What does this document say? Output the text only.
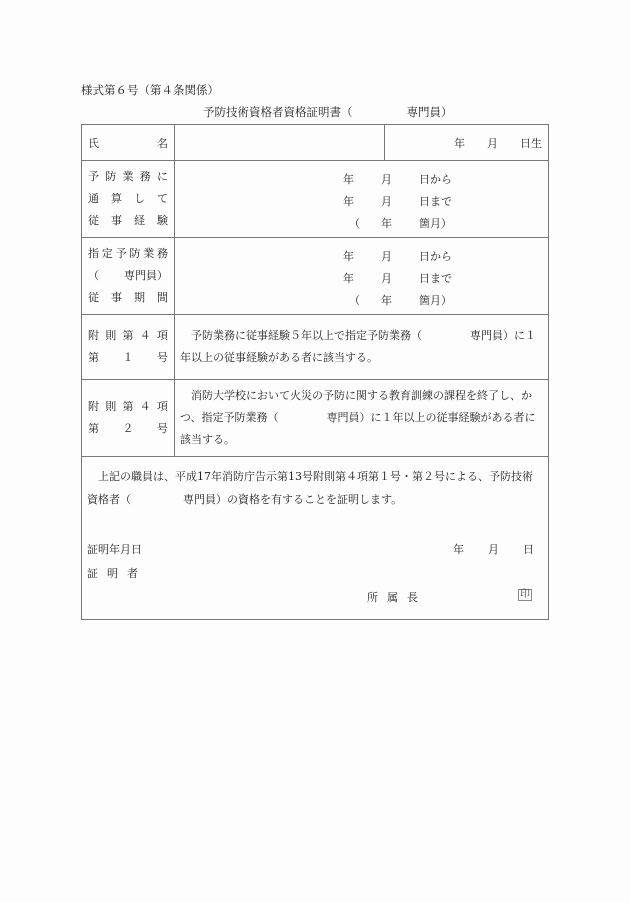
様式第６号（第４条関係）
予防技術資格者資格証明書（	専門員）
氏 名		年 月 日生

予 防 業 務 に
通 算 し て
従 事 経 験

年	月	日から
年	月	日まで
（	年	箇月）

指 定 予 防 業 務
（ 専門員）
従 事 期 間

年	月	日から
年	月	日まで
（	年	箇月）

附 則 第 ４ 項
第 １ 号
	予防業務に従事経験５年以上で指定予防業務（	専門員）に１年以上の従事経験がある者に該当する。

附 則 第 ４ 項
第 ２ 号
	消防大学校において火災の予防に関する教育訓練の課程を終了し、かつ、指定予防業務（	専門員）に１年以上の従事経験がある者に該当する。

上記の職員は、平成17年消防庁告示第13号附則第４項第１号・第２号による、予防技術資格者（	専門員）の資格を有することを証明します。
証明年月日	年 月 日
証明者
所属長	印
